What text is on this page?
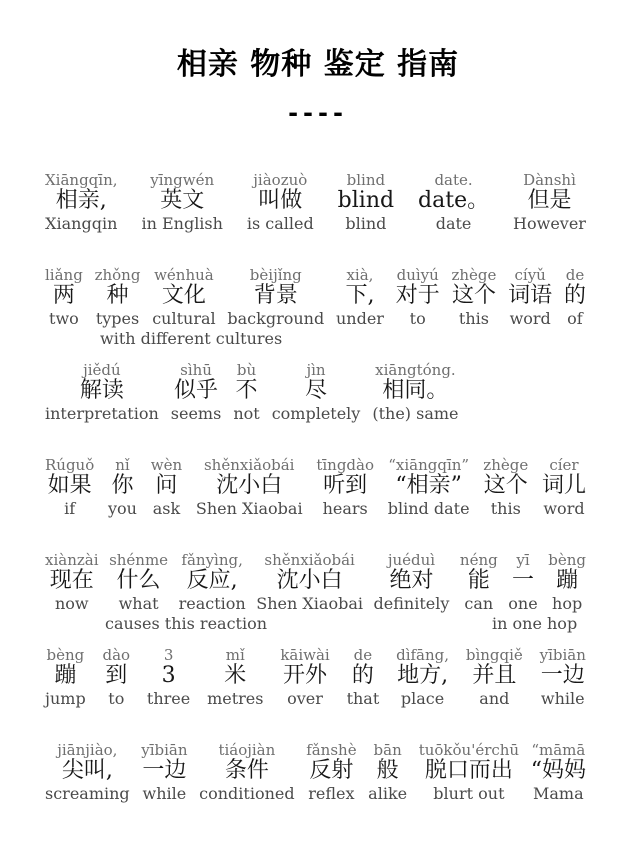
相亲 物种 鉴定 指南
----
Xiāngqīn,
相亲,
Xiangqin
yīngwén
英文
in English
jiàozuò
叫做
is called
blind
blind
blind
date.
date。
date
Dànshì
但是
However
liǎng
两
two
zhǒng
种
types
wénhuà
文化
cultural
bèijǐng
背景
background
xià,
下,
under
duìyú
对于
to
zhège
这个
this
cíyǔ
词语
word
de
的
of
with different cultures
jiědú
解读
interpretation
sìhū
似乎
seems
bù
不
not
jìn
尽
completely
xiāngtóng.
相同。
(the) same
Rúguǒ
如果
if
nǐ
你
you
wèn
问
ask
shěnxiǎobái
沈小白
Shen Xiaobai
tīngdào
听到
hears
“xiāngqīn”
“相亲”
blind date
zhège
这个
this
cíer
词儿
word
xiànzài
现在
now
shénme
什么
what
fǎnyìng,
反应,
reaction
shěnxiǎobái
沈小白
Shen Xiaobai
juéduì
绝对
definitely
néng
能
can
yī
一
one
bèng
蹦
hop
causes this reaction	in one hop
bèng
蹦
jump
dào
到
to
3
3
three
mǐ
米
metres
kāiwài
开外
over
de
的
that
dìfāng,
地方,
place
bìngqiě
并且
and
yībiān
一边
while
jiānjiào,
尖叫,
screaming
yībiān
一边
while
tiáojiàn
条件
conditioned
fǎnshè
反射
reflex
bān
般
alike
tuōkǒu'érchū
脱口而出
blurt out
“māmā
“妈妈
Mama
